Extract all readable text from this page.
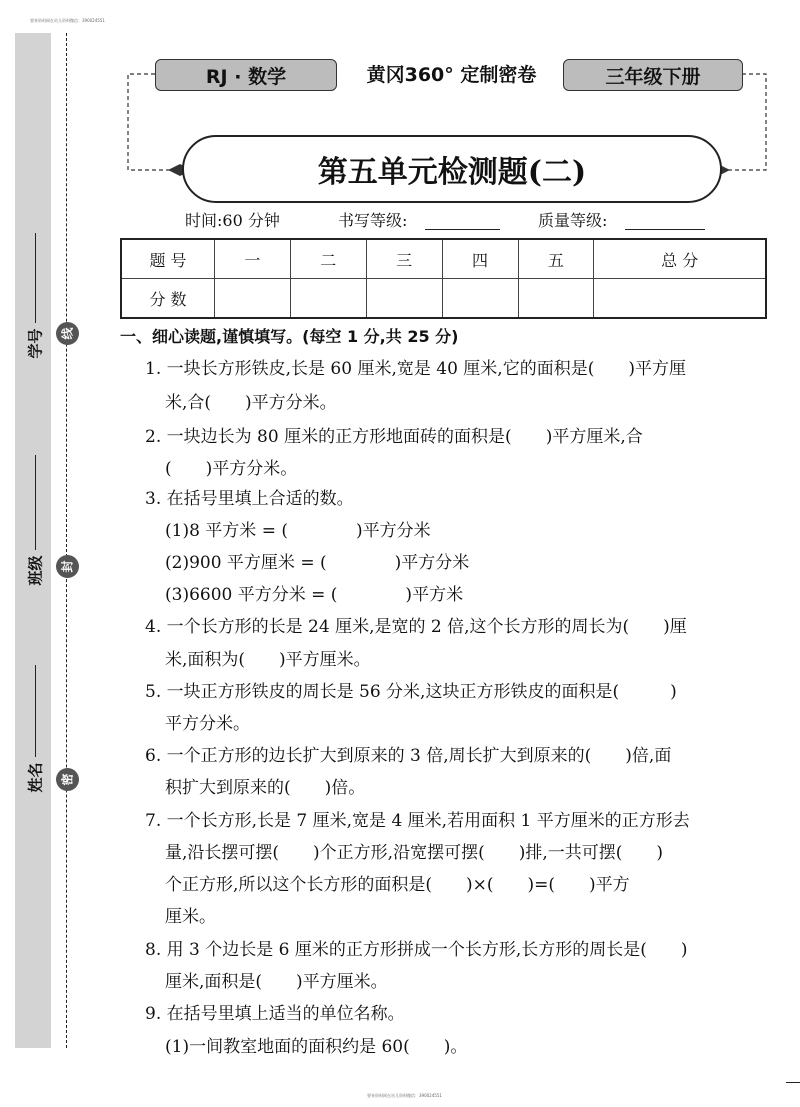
要来资料网在站儿资料微信：390024551
要来资料网在站儿资料微信：390024551
学号
班级
姓名
线
封
密
RJ · 数学	黄冈360° 定制密卷	三年级下册
第五单元检测题(二)
时间:60 分钟	书写等级:	质量等级:
题 号	一	二	三	四	五	总 分
分 数						
一、细心读题,谨慎填写。(每空 1 分,共 25 分)
1. 一块长方形铁皮,长是 60 厘米,宽是 40 厘米,它的面积是(　　)平方厘
米,合(　　)平方分米。
2. 一块边长为 80 厘米的正方形地面砖的面积是(　　)平方厘米,合
(　　)平方分米。
3. 在括号里填上合适的数。
(1)8 平方米 = (　　　　)平方分米
(2)900 平方厘米 = (　　　　)平方分米
(3)6600 平方分米 = (　　　　)平方米
4. 一个长方形的长是 24 厘米,是宽的 2 倍,这个长方形的周长为(　　)厘
米,面积为(　　)平方厘米。
5. 一块正方形铁皮的周长是 56 分米,这块正方形铁皮的面积是(　　　)
平方分米。
6. 一个正方形的边长扩大到原来的 3 倍,周长扩大到原来的(　　)倍,面
积扩大到原来的(　　)倍。
7. 一个长方形,长是 7 厘米,宽是 4 厘米,若用面积 1 平方厘米的正方形去
量,沿长摆可摆(　　)个正方形,沿宽摆可摆(　　)排,一共可摆(　　)
个正方形,所以这个长方形的面积是(　　)×(　　)=(　　)平方
厘米。
8. 用 3 个边长是 6 厘米的正方形拼成一个长方形,长方形的周长是(　　)
厘米,面积是(　　)平方厘米。
9. 在括号里填上适当的单位名称。
(1)一间教室地面的面积约是 60(　　)。
